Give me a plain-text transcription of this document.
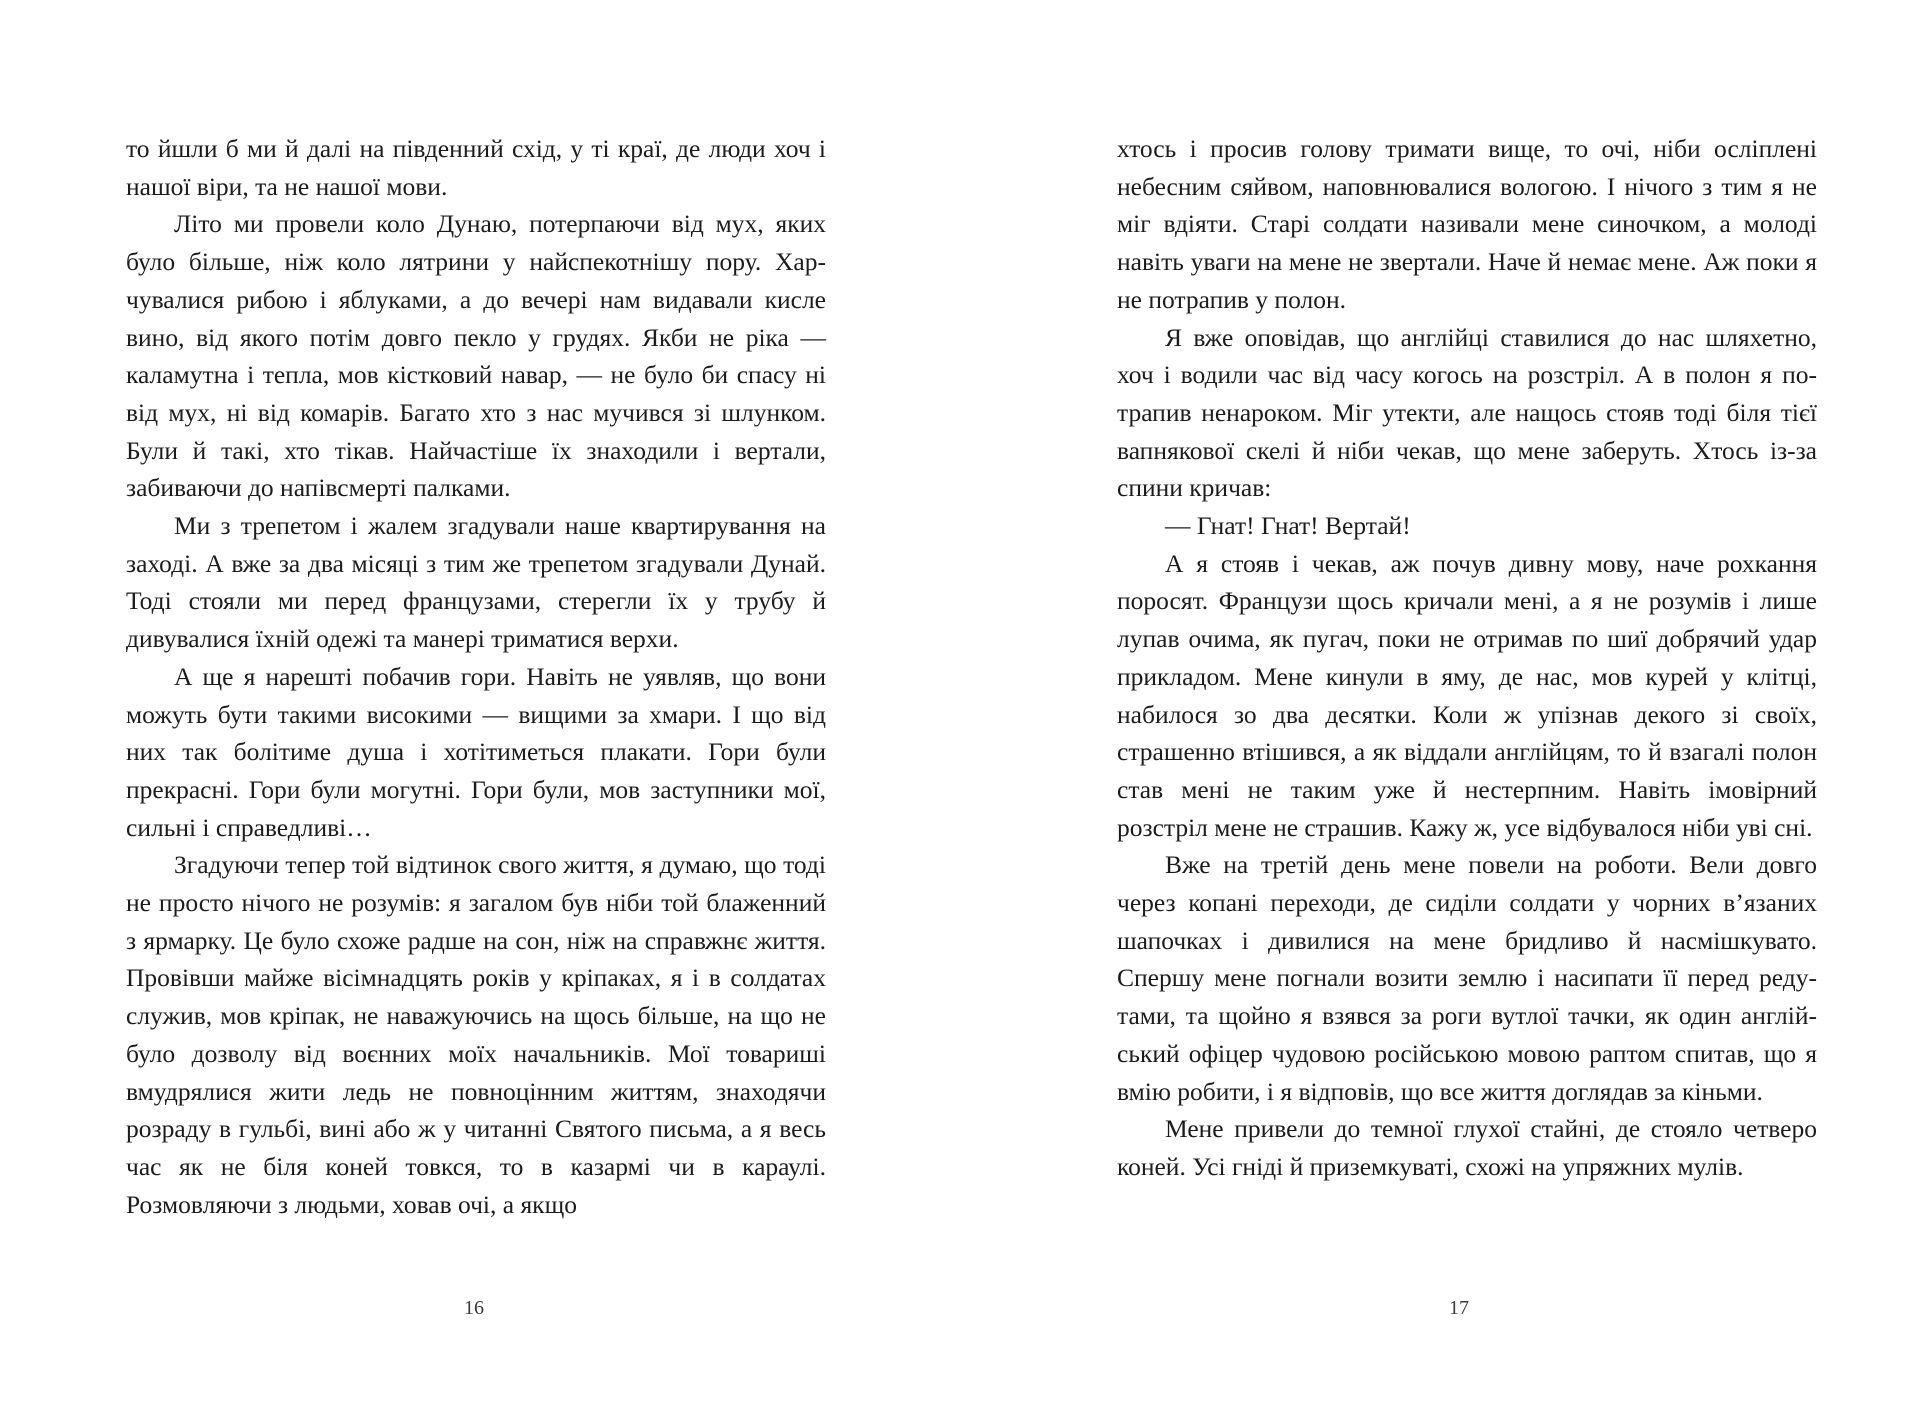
то йшли б ми й далі на південний схід, у ті краї, де люди хоч і нашої віри, та не нашої мови.

Літо ми провели коло Дунаю, потерпаючи від мух, яких було більше, ніж коло лятрини у найспекотнішу пору. Харчувалися рибою і яблуками, а до вечері нам видавали кисле вино, від якого потім довго пекло у грудях. Якби не ріка — каламутна і тепла, мов кістковий навар, — не було би спасу ні від мух, ні від комарів. Багато хто з нас мучився зі шлунком. Були й такі, хто тікав. Найчастіше їх знаходили і вертали, забиваючи до напівсмерті палками.

Ми з трепетом і жалем згадували наше квартирування на заході. А вже за два місяці з тим же трепетом згадували Дунай. Тоді стояли ми перед французами, стерегли їх у трубу й дивувалися їхній одежі та манері триматися верхи.

А ще я нарешті побачив гори. Навіть не уявляв, що вони можуть бути такими високими — вищими за хмари. І що від них так болітиме душа і хотітиметься плакати. Гори були прекрасні. Гори були могутні. Гори були, мов заступники мої, сильні і справедливі…

Згадуючи тепер той відтинок свого життя, я думаю, що тоді не просто нічого не розумів: я загалом був ніби той блаженний з ярмарку. Це було схоже радше на сон, ніж на справжнє життя. Провівши майже вісімнадцять років у кріпаках, я і в солдатах служив, мов кріпак, не наважуючись на щось більше, на що не було дозволу від воєнних моїх начальників. Мої товариші вмудрялися жити ледь не повноцінним життям, знаходячи розраду в гульбі, вині або ж у читанні Святого письма, а я весь час як не біля коней товкся, то в казармі чи в караулі. Розмовляючи з людьми, ховав очі, а якщо

16

хтось і просив голову тримати вище, то очі, ніби осліплені небесним сяйвом, наповнювалися вологою. І нічого з тим я не міг вдіяти. Старі солдати називали мене синочком, а молоді навіть уваги на мене не звертали. Наче й немає мене. Аж поки я не потрапив у полон.

Я вже оповідав, що англійці ставилися до нас шляхетно, хоч і водили час від часу когось на розстріл. А в полон я потрапив ненароком. Міг утекти, але нащось стояв тоді біля тієї вапнякової скелі й ніби чекав, що мене заберуть. Хтось із-за спини кричав:

— Гнат! Гнат! Вертай!

А я стояв і чекав, аж почув дивну мову, наче рохкання поросят. Французи щось кричали мені, а я не розумів і лише лупав очима, як пугач, поки не отримав по шиї добрячий удар прикладом. Мене кинули в яму, де нас, мов курей у клітці, набилося зо два десятки. Коли ж упізнав декого зі своїх, страшенно втішився, а як віддали англійцям, то й взагалі полон став мені не таким уже й нестерпним. Навіть імовірний розстріл мене не страшив. Кажу ж, усе відбувалося ніби уві сні.

Вже на третій день мене повели на роботи. Вели довго через копані переходи, де сиділи солдати у чорних в’язаних шапочках і дивилися на мене бридливо й насмішкувато. Спершу мене погнали возити землю і насипати її перед редутами, та щойно я взявся за роги вутлої тачки, як один англійський офіцер чудовою російською мовою раптом спитав, що я вмію робити, і я відповів, що все життя доглядав за кіньми.

Мене привели до темної глухої стайні, де стояло четверо коней. Усі гніді й приземкуваті, схожі на упряжних мулів.

17
